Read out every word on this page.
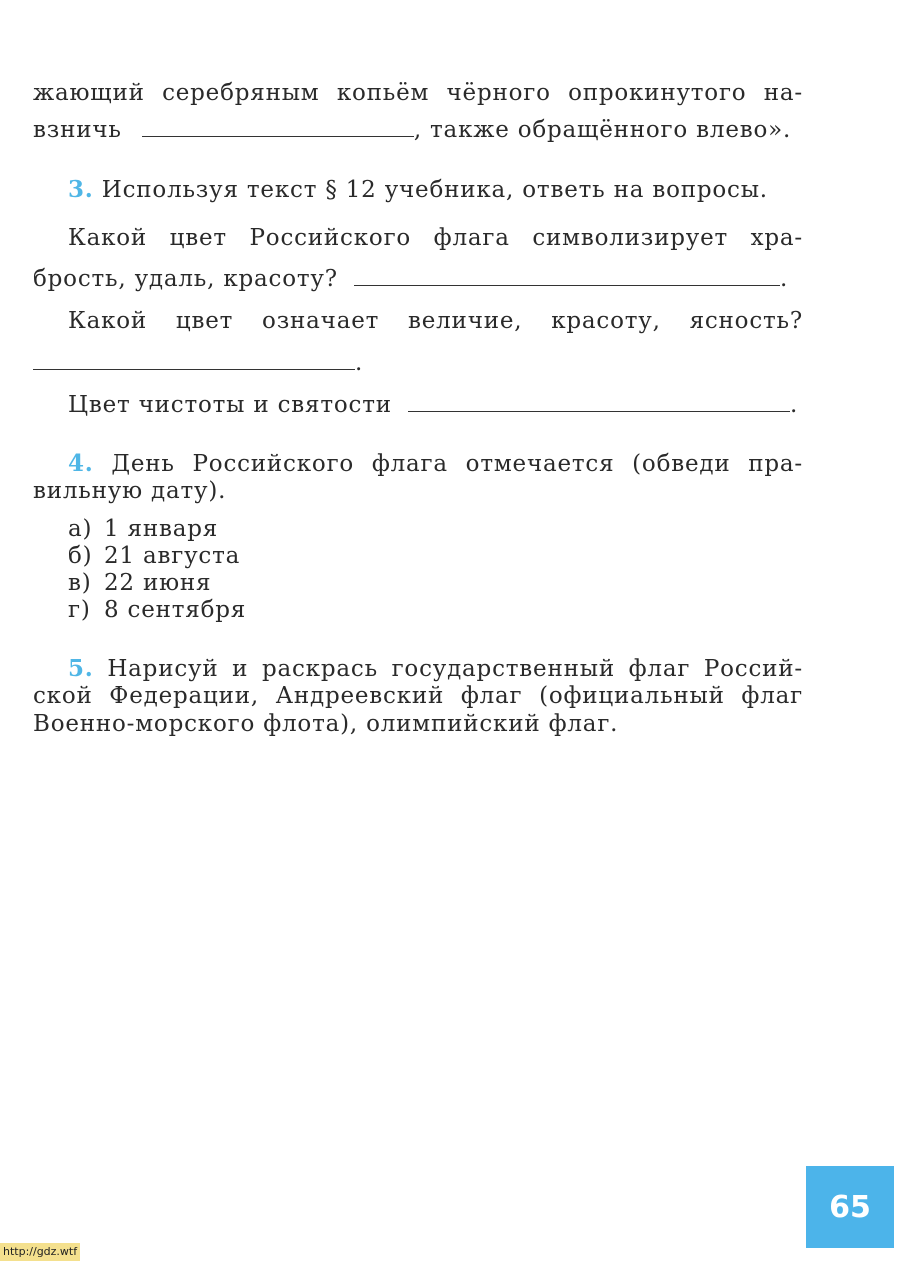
жающий серебряным копьём чёрного опрокинутого на-
взничь	, также обращённого влево».
3. Используя текст § 12 учебника, ответь на вопросы.
Какой цвет Российского флага символизирует хра-
брость, удаль, красоту?	.
Какой цвет означает величие, красоту, ясность?
.
Цвет чистоты и святости	.
4. День Российского флага отмечается (обведи пра-
вильную дату).
а) 1 января
б) 21 августа
в) 22 июня
г) 8 сентября
5. Нарисуй и раскрась государственный флаг Россий-
ской Федерации, Андреевский флаг (официальный флаг
Военно-морского флота), олимпийский флаг.
65
http://gdz.wtf
